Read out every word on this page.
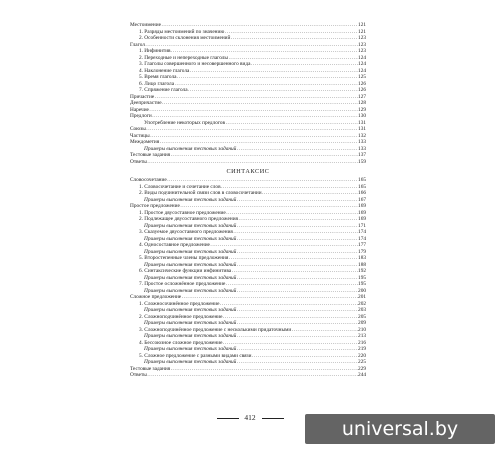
Местоимение .....	121
1. Разряды местоимений по значению .....	121
2. Особенности склонения местоимений .....	123
Глагол .....	123
1. Инфинитив .....	123
2. Переходные и непереходные глаголы .....	124
3. Глаголы совершенного и несовершенного вида .....	124
4. Наклонение глагола .....	124
5. Время глагола .....	125
6. Лицо глагола .....	126
7. Спряжение глагола .....	126
Причастие .....	127
Деепричастие .....	128
Наречие .....	129
Предлоги .....	130
Употребление некоторых предлогов .....	131
Союзы .....	131
Частицы .....	132
Междометия .....	133
Примеры выполнения тестовых заданий .....	133
Тестовые задания .....	137
Ответы .....	159
СИНТАКСИС
Словосочетание .....	165
1. Словосочетание и сочетание слов .....	165
2. Виды подчинительной связи слов в словосочетании .....	166
Примеры выполнения тестовых заданий .....	167
Простое предложение .....	169
1. Простое двусоставное предложение .....	169
2. Подлежащее двусоставного предложения .....	169
Примеры выполнения тестовых заданий .....	171
3. Сказуемое двусоставного предложения .....	174
Примеры выполнения тестовых заданий .....	174
4. Односоставное предложение .....	177
Примеры выполнения тестовых заданий .....	179
5. Второстепенные члены предложения .....	183
Примеры выполнения тестовых заданий .....	188
6. Синтаксические функции инфинитива .....	192
Примеры выполнения тестовых заданий .....	195
7. Простое осложнённое предложение .....	195
Примеры выполнения тестовых заданий .....	200
Сложное предложение .....	201
1. Сложносочинённое предложение .....	202
Примеры выполнения тестовых заданий .....	203
2. Сложноподчинённое предложение .....	205
Примеры выполнения тестовых заданий .....	209
3. Сложноподчинённое предложение с несколькими придаточными .....	210
Примеры выполнения тестовых заданий .....	213
4. Бессоюзное сложное предложение .....	216
Примеры выполнения тестовых заданий .....	219
5. Сложное предложение с разными видами связи .....	220
Примеры выполнения тестовых заданий .....	225
Тестовые задания .....	229
Ответы .....	244
412
universal.by
